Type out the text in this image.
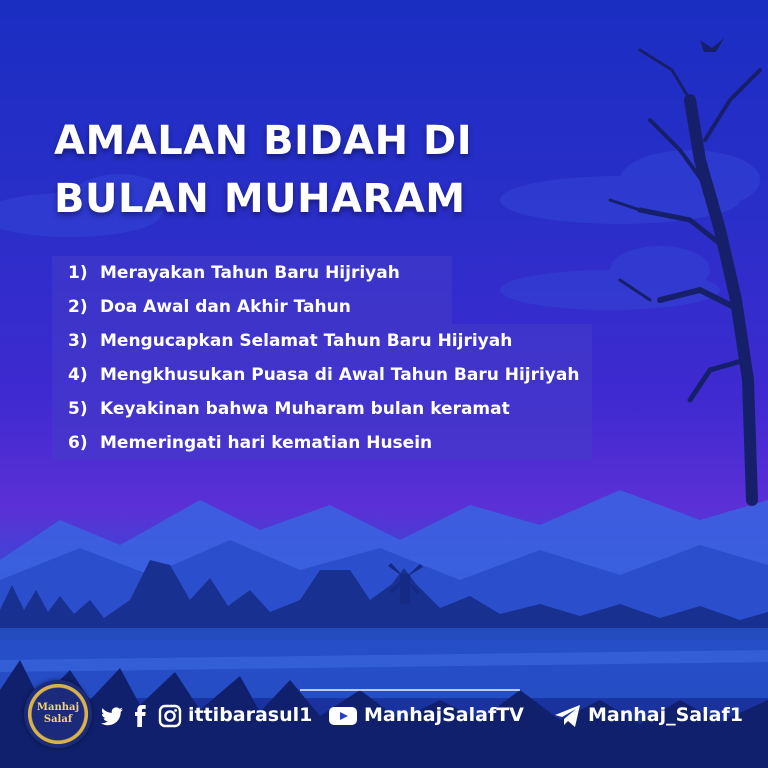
AMALAN BIDAH DI
BULAN MUHARAM
1) Merayakan Tahun Baru Hijriyah
2) Doa Awal dan Akhir Tahun
3) Mengucapkan Selamat Tahun Baru Hijriyah
4) Mengkhusukan Puasa di Awal Tahun Baru Hijriyah
5) Keyakinan bahwa Muharam bulan keramat
6) Memeringati hari kematian Husein
Manhaj
Salaf	ittibarasul1	ManhajSalafTV	Manhaj_Salaf1
